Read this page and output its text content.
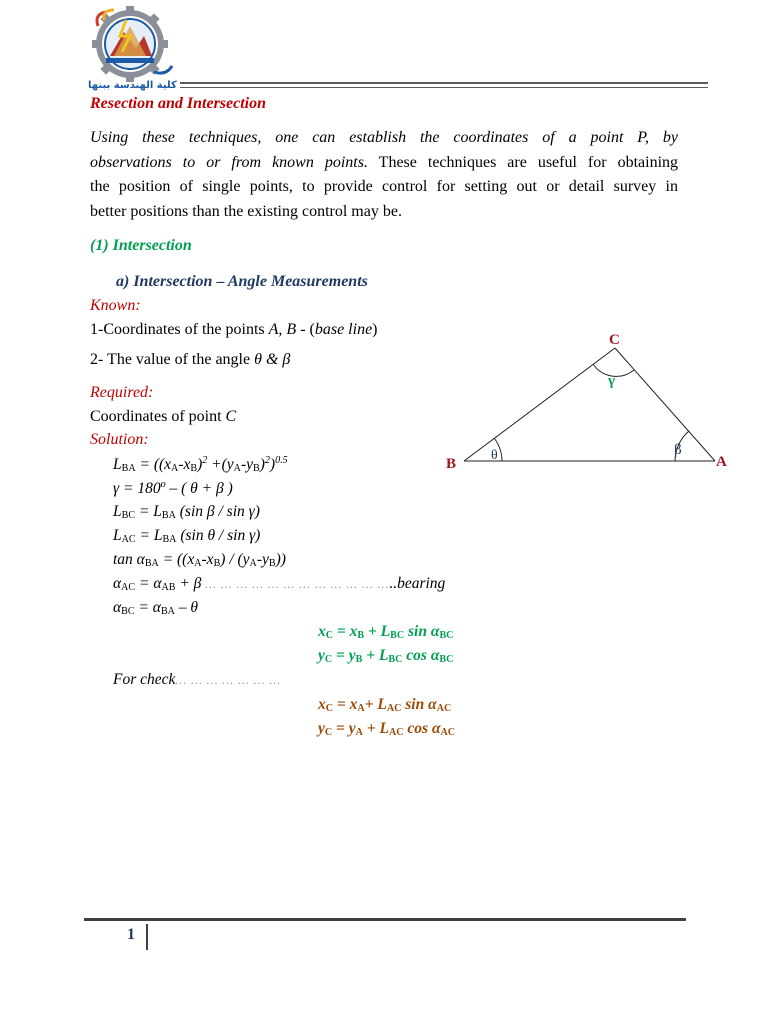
كلية الهندسة ببنها
Resection and Intersection
Using these techniques, one can establish the coordinates of a point P, by
observations to or from known points. These techniques are useful for obtaining
the position of single points, to provide control for setting out or detail survey in
better positions than the existing control may be.
(1) Intersection
a) Intersection – Angle Measurements
Known:
1-Coordinates of the points A, B - (base line)
2- The value of the angle θ & β
Required:
Coordinates of point C
Solution:
$L_{BA} = ((x_A-x_B)^2 +(y_A-y_B)^2)^{0.5}$
$\gamma = 180^o$ – ( θ + β )
$L_{BC} = L_{BA}$ (sin β / sin γ)
$L_{AC} = L_{BA}$ (sin θ / sin γ)
$\tan \alpha_{BA} = ((x_A-x_B) / (y_A-y_B))$
$\alpha_{AC} = \alpha_{AB} + \beta$ … … … … … … … … … … … …..bearing
$\alpha_{BC} = \alpha_{BA} - \theta$
$x_C = x_B + L_{BC}$ $\sin \alpha_{BC}$
$y_C = y_B + L_{BC}$ $\cos \alpha_{BC}$
For check… … … … … … …
$x_C = x_A+ L_{AC}$ $\sin \alpha_{AC}$
$y_C = y_A + L_{AC}$ $\cos \alpha_{AC}$
B	A
C
θ	β
γ
1
